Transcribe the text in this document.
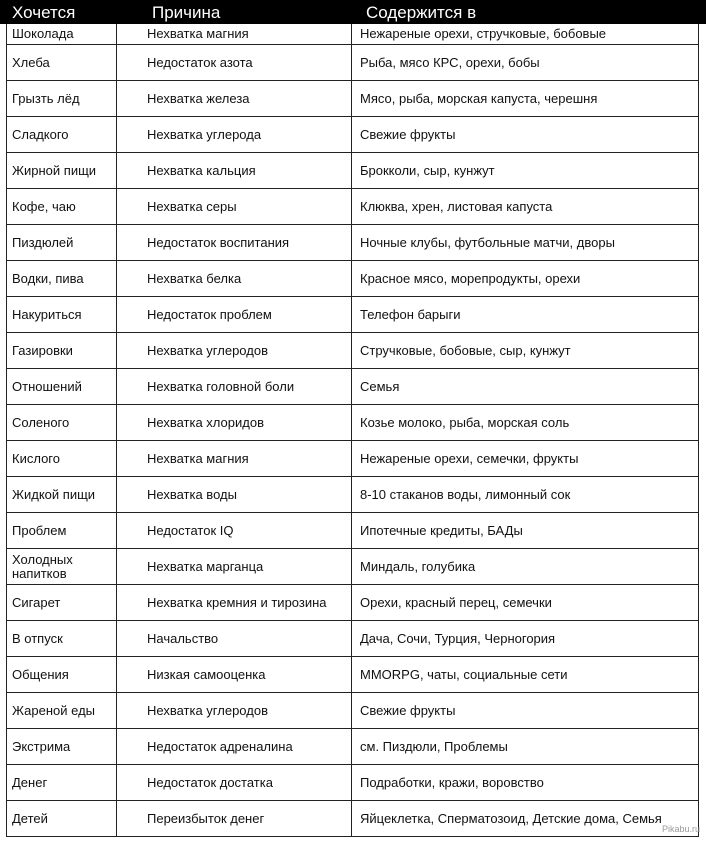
Хочется	Причина	Содержится в
Шоколада	Нехватка магния	Нежареные орехи, стручковые, бобовые
Хлеба	Недостаток азота	Рыба, мясо КРС, орехи, бобы
Грызть лёд	Нехватка железа	Мясо, рыба, морская капуста, черешня
Сладкого	Нехватка углерода	Свежие фрукты
Жирной пищи	Нехватка кальция	Брокколи, сыр, кунжут
Кофе, чаю	Нехватка серы	Клюква, хрен, листовая капуста
Пиздюлей	Недостаток воспитания	Ночные клубы, футбольные матчи, дворы
Водки, пива	Нехватка белка	Красное мясо, морепродукты, орехи
Накуриться	Недостаток проблем	Телефон барыги
Газировки	Нехватка углеродов	Стручковые, бобовые, сыр, кунжут
Отношений	Нехватка головной боли	Семья
Соленого	Нехватка хлоридов	Козье молоко, рыба, морская соль
Кислого	Нехватка магния	Нежареные орехи, семечки, фрукты
Жидкой пищи	Нехватка воды	8-10 стаканов воды, лимонный сок
Проблем	Недостаток IQ	Ипотечные кредиты, БАДы
Холодных напитков	Нехватка марганца	Миндаль, голубика
Сигарет	Нехватка кремния и тирозина	Орехи, красный перец, семечки
В отпуск	Начальство	Дача, Сочи, Турция, Черногория
Общения	Низкая самооценка	MMORPG, чаты, социальные сети
Жареной еды	Нехватка углеродов	Свежие фрукты
Экстрима	Недостаток адреналина	см. Пиздюли, Проблемы
Денег	Недостаток достатка	Подработки, кражи, воровство
Детей	Переизбыток денег	Яйцеклетка, Сперматозоид, Детские дома, Семья
Pikabu.ru
